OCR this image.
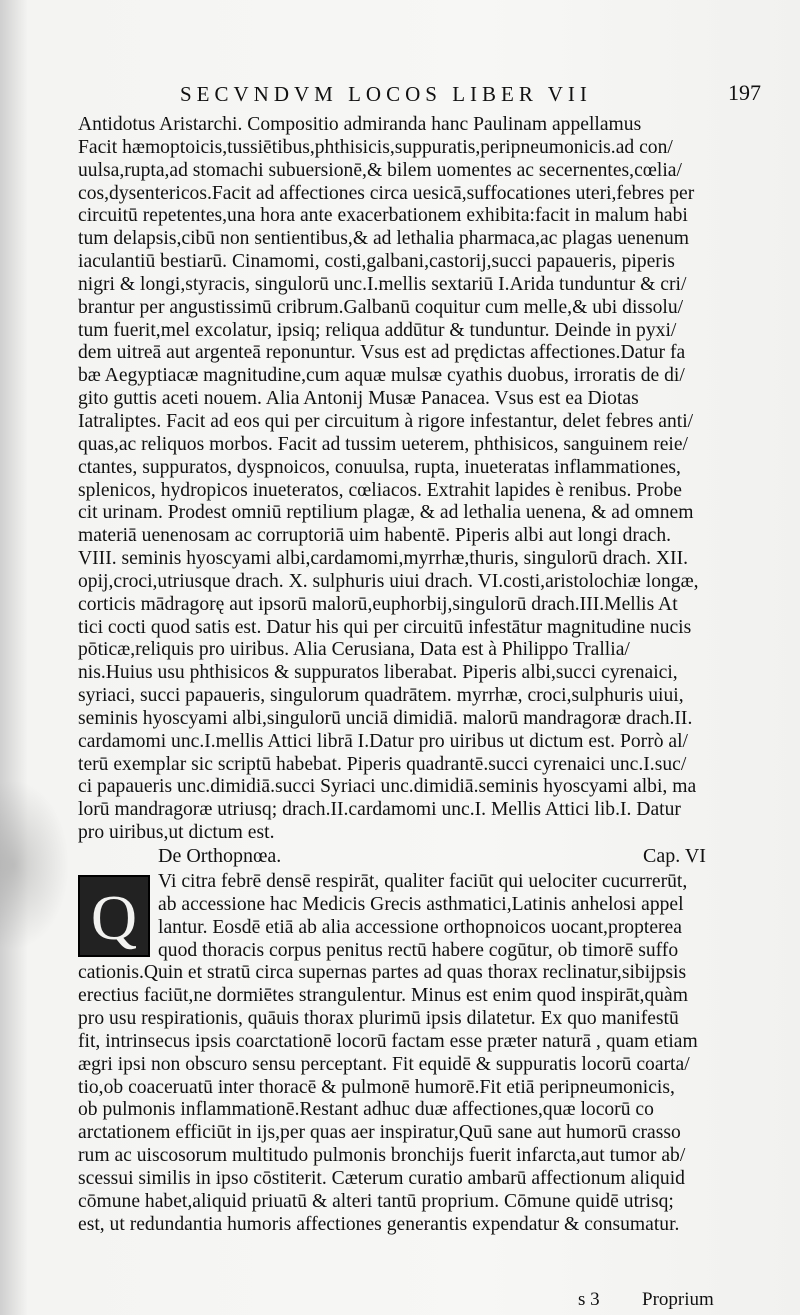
SECVNDVM LOCOS LIBER VII	197
Antidotus Aristarchi. Compositio admiranda hanc Paulinam appellamus
Facit hæmoptoicis,tussiētibus,phthisicis,suppuratis,peripneumonicis.ad con/
uulsa,rupta,ad stomachi subuersionē,& bilem uomentes ac secernentes,cœlia/
cos,dysentericos.Facit ad affectiones circa uesicā,suffocationes uteri,febres per
circuitū repetentes,una hora ante exacerbationem exhibita:facit in malum habi
tum delapsis,cibū non sentientibus,& ad lethalia pharmaca,ac plagas uenenum
iaculantiū bestiarū. Cinamomi, costi,galbani,castorij,succi papaueris, piperis
nigri & longi,styracis, singulorū unc.I.mellis sextariū I.Arida tunduntur & cri/
brantur per angustissimū cribrum.Galbanū coquitur cum melle,& ubi dissolu/
tum fuerit,mel excolatur, ipsiq; reliqua addūtur & tunduntur. Deinde in pyxi/
dem uitreā aut argenteā reponuntur. Vsus est ad prędictas affectiones.Datur fa
bæ Aegyptiacæ magnitudine,cum aquæ mulsæ cyathis duobus, irroratis de di/
gito guttis aceti nouem. Alia Antonij Musæ Panacea. Vsus est ea Diotas
Iatraliptes. Facit ad eos qui per circuitum à rigore infestantur, delet febres anti/
quas,ac reliquos morbos. Facit ad tussim ueterem, phthisicos, sanguinem reie/
ctantes, suppuratos, dyspnoicos, conuulsa, rupta, inueteratas inflammationes,
splenicos, hydropicos inueteratos, cœliacos. Extrahit lapides è renibus. Probe
cit urinam. Prodest omniū reptilium plagæ, & ad lethalia uenena, & ad omnem
materiā uenenosam ac corruptoriā uim habentē. Piperis albi aut longi drach.
VIII. seminis hyoscyami albi,cardamomi,myrrhæ,thuris, singulorū drach. XII.
opij,croci,utriusque drach. X. sulphuris uiui drach. VI.costi,aristolochiæ longæ,
corticis mādragorę aut ipsorū malorū,euphorbij,singulorū drach.III.Mellis At
tici cocti quod satis est. Datur his qui per circuitū infestātur magnitudine nucis
pōticæ,reliquis pro uiribus. Alia Cerusiana, Data est à Philippo Trallia/
nis.Huius usu phthisicos & suppuratos liberabat. Piperis albi,succi cyrenaici,
syriaci, succi papaueris, singulorum quadrātem. myrrhæ, croci,sulphuris uiui,
seminis hyoscyami albi,singulorū unciā dimidiā. malorū mandragoræ drach.II.
cardamomi unc.I.mellis Attici librā I.Datur pro uiribus ut dictum est. Porrò al/
terū exemplar sic scriptū habebat. Piperis quadrantē.succi cyrenaici unc.I.suc/
ci papaueris unc.dimidiā.succi Syriaci unc.dimidiā.seminis hyoscyami albi, ma
lorū mandragoræ utriusq; drach.II.cardamomi unc.I. Mellis Attici lib.I. Datur
pro uiribus,ut dictum est.
De Orthopnœa.	Cap. VI
Q
Vi citra febrē densē respirāt, qualiter faciūt qui uelociter cucurrerūt,
ab accessione hac Medicis Grecis asthmatici,Latinis anhelosi appel
lantur. Eosdē etiā ab alia accessione orthopnoicos uocant,propterea
quod thoracis corpus penitus rectū habere cogūtur, ob timorē suffo
cationis.Quin et stratū circa supernas partes ad quas thorax reclinatur,sibijpsis
erectius faciūt,ne dormiētes strangulentur. Minus est enim quod inspirāt,quàm
pro usu respirationis, quāuis thorax plurimū ipsis dilatetur. Ex quo manifestū
fit, intrinsecus ipsis coarctationē locorū factam esse præter naturā , quam etiam
ægri ipsi non obscuro sensu perceptant. Fit equidē & suppuratis locorū coarta/
tio,ob coaceruatū inter thoracē & pulmonē humorē.Fit etiā peripneumonicis,
ob pulmonis inflammationē.Restant adhuc duæ affectiones,quæ locorū co
arctationem efficiūt in ijs,per quas aer inspiratur,Quū sane aut humorū crasso
rum ac uiscosorum multitudo pulmonis bronchijs fuerit infarcta,aut tumor ab/
scessui similis in ipso cōstiterit. Cæterum curatio ambarū affectionum aliquid
cōmune habet,aliquid priuatū & alteri tantū proprium. Cōmune quidē utrisq;
est, ut redundantia humoris affectiones generantis expendatur & consumatur.
s 3 Proprium
